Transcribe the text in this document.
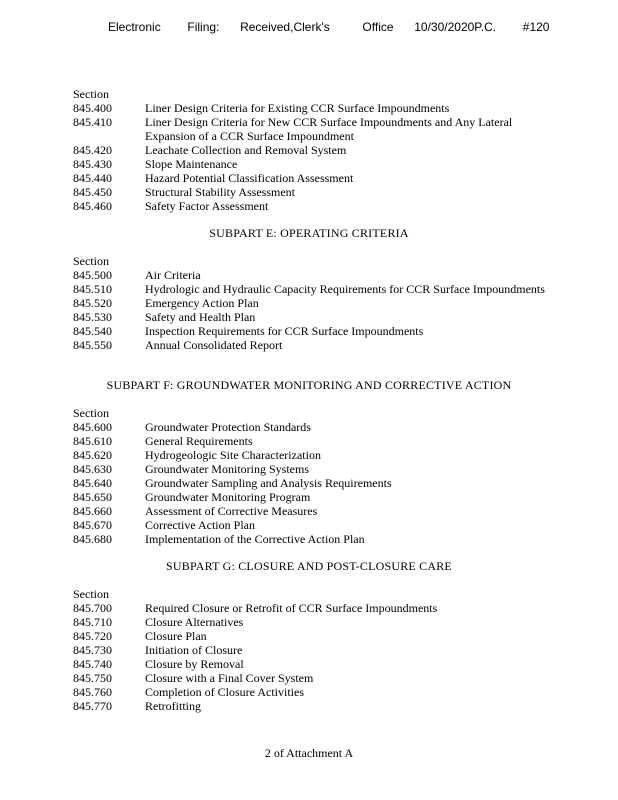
Electronic Filing: Received,Clerk's	Office 10/30/2020P.C. #120
Section
845.400	Liner Design Criteria for Existing CCR Surface Impoundments
845.410	Liner Design Criteria for New CCR Surface Impoundments and Any Lateral Expansion of a CCR Surface Impoundment
845.420	Leachate Collection and Removal System
845.430	Slope Maintenance
845.440	Hazard Potential Classification Assessment
845.450	Structural Stability Assessment
845.460	Safety Factor Assessment
SUBPART E: OPERATING CRITERIA
Section
845.500	Air Criteria
845.510	Hydrologic and Hydraulic Capacity Requirements for CCR Surface Impoundments
845.520	Emergency Action Plan
845.530	Safety and Health Plan
845.540	Inspection Requirements for CCR Surface Impoundments
845.550	Annual Consolidated Report
SUBPART F: GROUNDWATER MONITORING AND CORRECTIVE ACTION
Section
845.600	Groundwater Protection Standards
845.610	General Requirements
845.620	Hydrogeologic Site Characterization
845.630	Groundwater Monitoring Systems
845.640	Groundwater Sampling and Analysis Requirements
845.650	Groundwater Monitoring Program
845.660	Assessment of Corrective Measures
845.670	Corrective Action Plan
845.680	Implementation of the Corrective Action Plan
SUBPART G: CLOSURE AND POST-CLOSURE CARE
Section
845.700	Required Closure or Retrofit of CCR Surface Impoundments
845.710	Closure Alternatives
845.720	Closure Plan
845.730	Initiation of Closure
845.740	Closure by Removal
845.750	Closure with a Final Cover System
845.760	Completion of Closure Activities
845.770	Retrofitting
2 of Attachment A
